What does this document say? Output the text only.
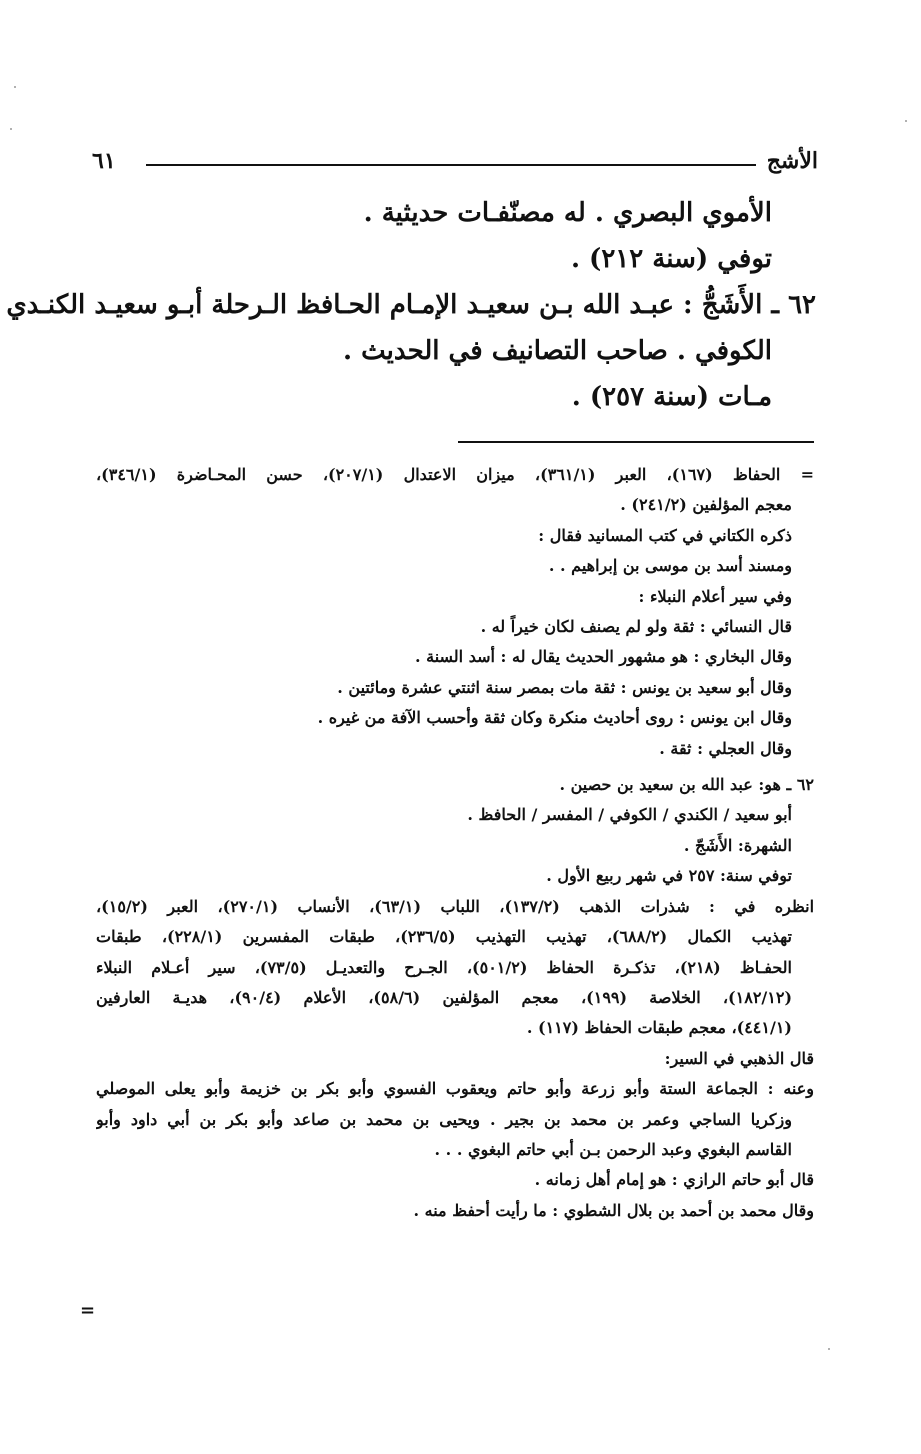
الأشج
٦١

الأموي البصري . له مصنّفـات حديثية .

توفي (سنة ٢١٢) .

٦٢ ـ الأَشَجُّ : عبـد الله بـن سعيـد الإمـام الحـافظ الـرحلة أبـو سعيـد الكنـدي

الكوفي . صاحب التصانيف في الحديث .

مـات (سنة ٢٥٧) .

= الحفاظ (١٦٧)، العبر (٣٦١/١)، ميزان الاعتدال (٢٠٧/١)، حسن المحـاضرة (٣٤٦/١)،

معجم المؤلفين (٢٤١/٢) .

ذكره الكتاني في كتب المسانيد فقال :

ومسند أسد بن موسى بن إبراهيم . .

وفي سير أعلام النبلاء :

قال النسائي : ثقة ولو لم يصنف لكان خيراً له .

وقال البخاري : هو مشهور الحديث يقال له : أسد السنة .

وقال أبو سعيد بن يونس : ثقة مات بمصر سنة اثنتي عشرة ومائتين .

وقال ابن يونس : روى أحاديث منكرة وكان ثقة وأحسب الآفة من غيره .

وقال العجلي : ثقة .

٦٢ ـ هو: عبد الله بن سعيد بن حصين .

أبو سعيد / الكندي / الكوفي / المفسر / الحافظ .

الشهرة: الأَشَجّ .

توفي سنة: ٢٥٧ في شهر ربيع الأول .

انظره في : شذرات الذهب (١٣٧/٢)، اللباب (٦٣/١)، الأنساب (٢٧٠/١)، العبر (١٥/٢)،

تهذيب الكمال (٦٨٨/٢)، تهذيب التهذيب (٢٣٦/٥)، طبقات المفسرين (٢٢٨/١)، طبقات

الحفـاظ (٢١٨)، تذكـرة الحفاظ (٥٠١/٢)، الجـرح والتعديـل (٧٣/٥)، سير أعـلام النبلاء

(١٨٢/١٢)، الخلاصة (١٩٩)، معجم المؤلفين (٥٨/٦)، الأعلام (٩٠/٤)، هديـة العارفين

(٤٤١/١)، معجم طبقات الحفاظ (١١٧) .

قال الذهبي في السير:

وعنه : الجماعة الستة وأبو زرعة وأبو حاتم ويعقوب الفسوي وأبو بكر بن خزيمة وأبو يعلى الموصلي

وزكريا الساجي وعمر بن محمد بن بجير . ويحيى بن محمد بن صاعد وأبو بكر بن أبي داود وأبو

القاسم البغوي وعبد الرحمن بـن أبي حاتم البغوي . . .

قال أبو حاتم الرازي : هو إمام أهل زمانه .

وقال محمد بن أحمد بن بلال الشطوي : ما رأيت أحفظ منه .

=
